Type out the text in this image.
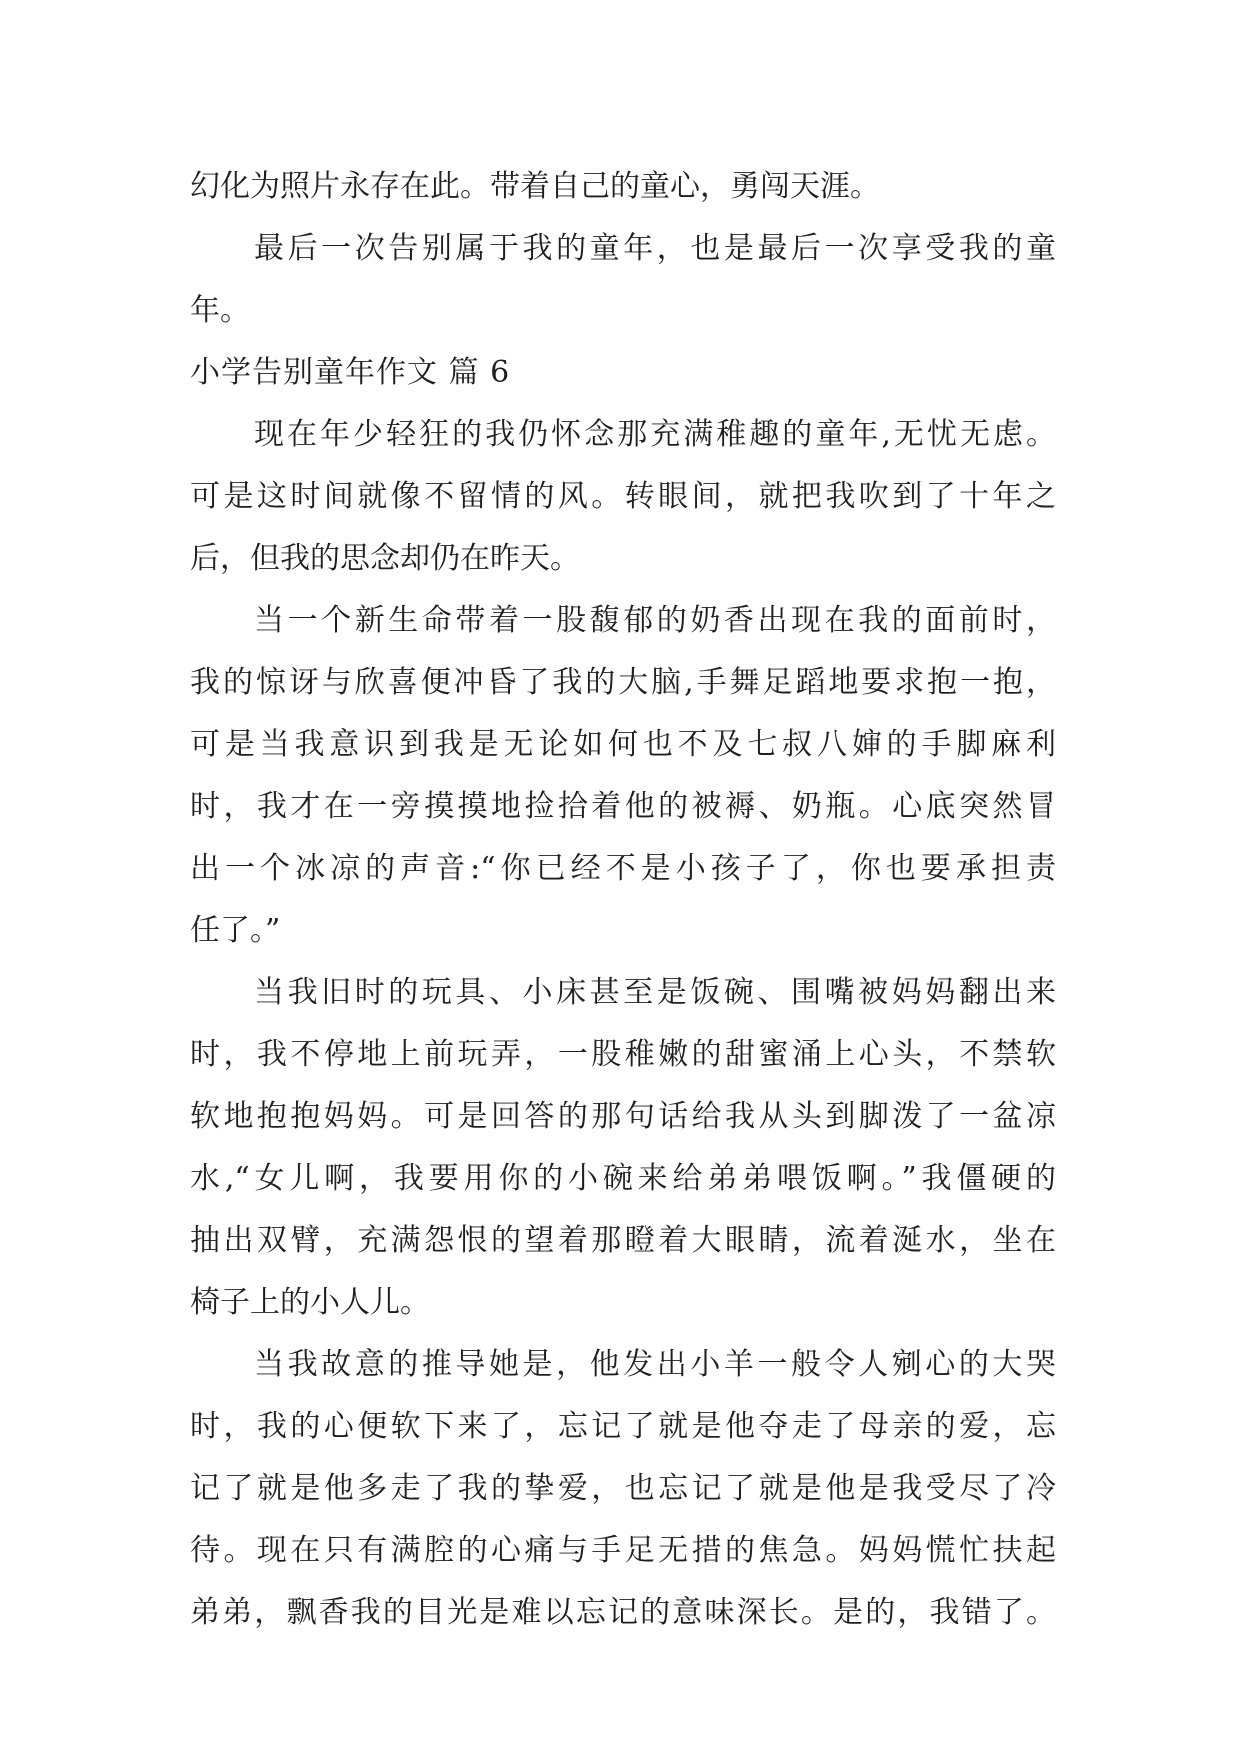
幻化为照片永存在此。带着自己的童心，勇闯天涯。
最后一次告别属于我的童年，也是最后一次享受我的童
年。
小学告别童年作文 篇 6
现在年少轻狂的我仍怀念那充满稚趣的童年,无忧无虑。
可是这时间就像不留情的风。转眼间，就把我吹到了十年之
后，但我的思念却仍在昨天。
当一个新生命带着一股馥郁的奶香出现在我的面前时，
我的惊讶与欣喜便冲昏了我的大脑,手舞足蹈地要求抱一抱，
可是当我意识到我是无论如何也不及七叔八婶的手脚麻利
时，我才在一旁摸摸地捡拾着他的被褥、奶瓶。心底突然冒
出一个冰凉的声音:“你已经不是小孩子了，你也要承担责
任了。”
当我旧时的玩具、小床甚至是饭碗、围嘴被妈妈翻出来
时，我不停地上前玩弄，一股稚嫩的甜蜜涌上心头，不禁软
软地抱抱妈妈。可是回答的那句话给我从头到脚泼了一盆凉
水,“女儿啊，我要用你的小碗来给弟弟喂饭啊。”我僵硬的
抽出双臂，充满怨恨的望着那瞪着大眼睛，流着涎水，坐在
椅子上的小人儿。
当我故意的推导她是，他发出小羊一般令人剜心的大哭
时，我的心便软下来了，忘记了就是他夺走了母亲的爱，忘
记了就是他多走了我的挚爱，也忘记了就是他是我受尽了冷
待。现在只有满腔的心痛与手足无措的焦急。妈妈慌忙扶起
弟弟，飘香我的目光是难以忘记的意味深长。是的，我错了。
